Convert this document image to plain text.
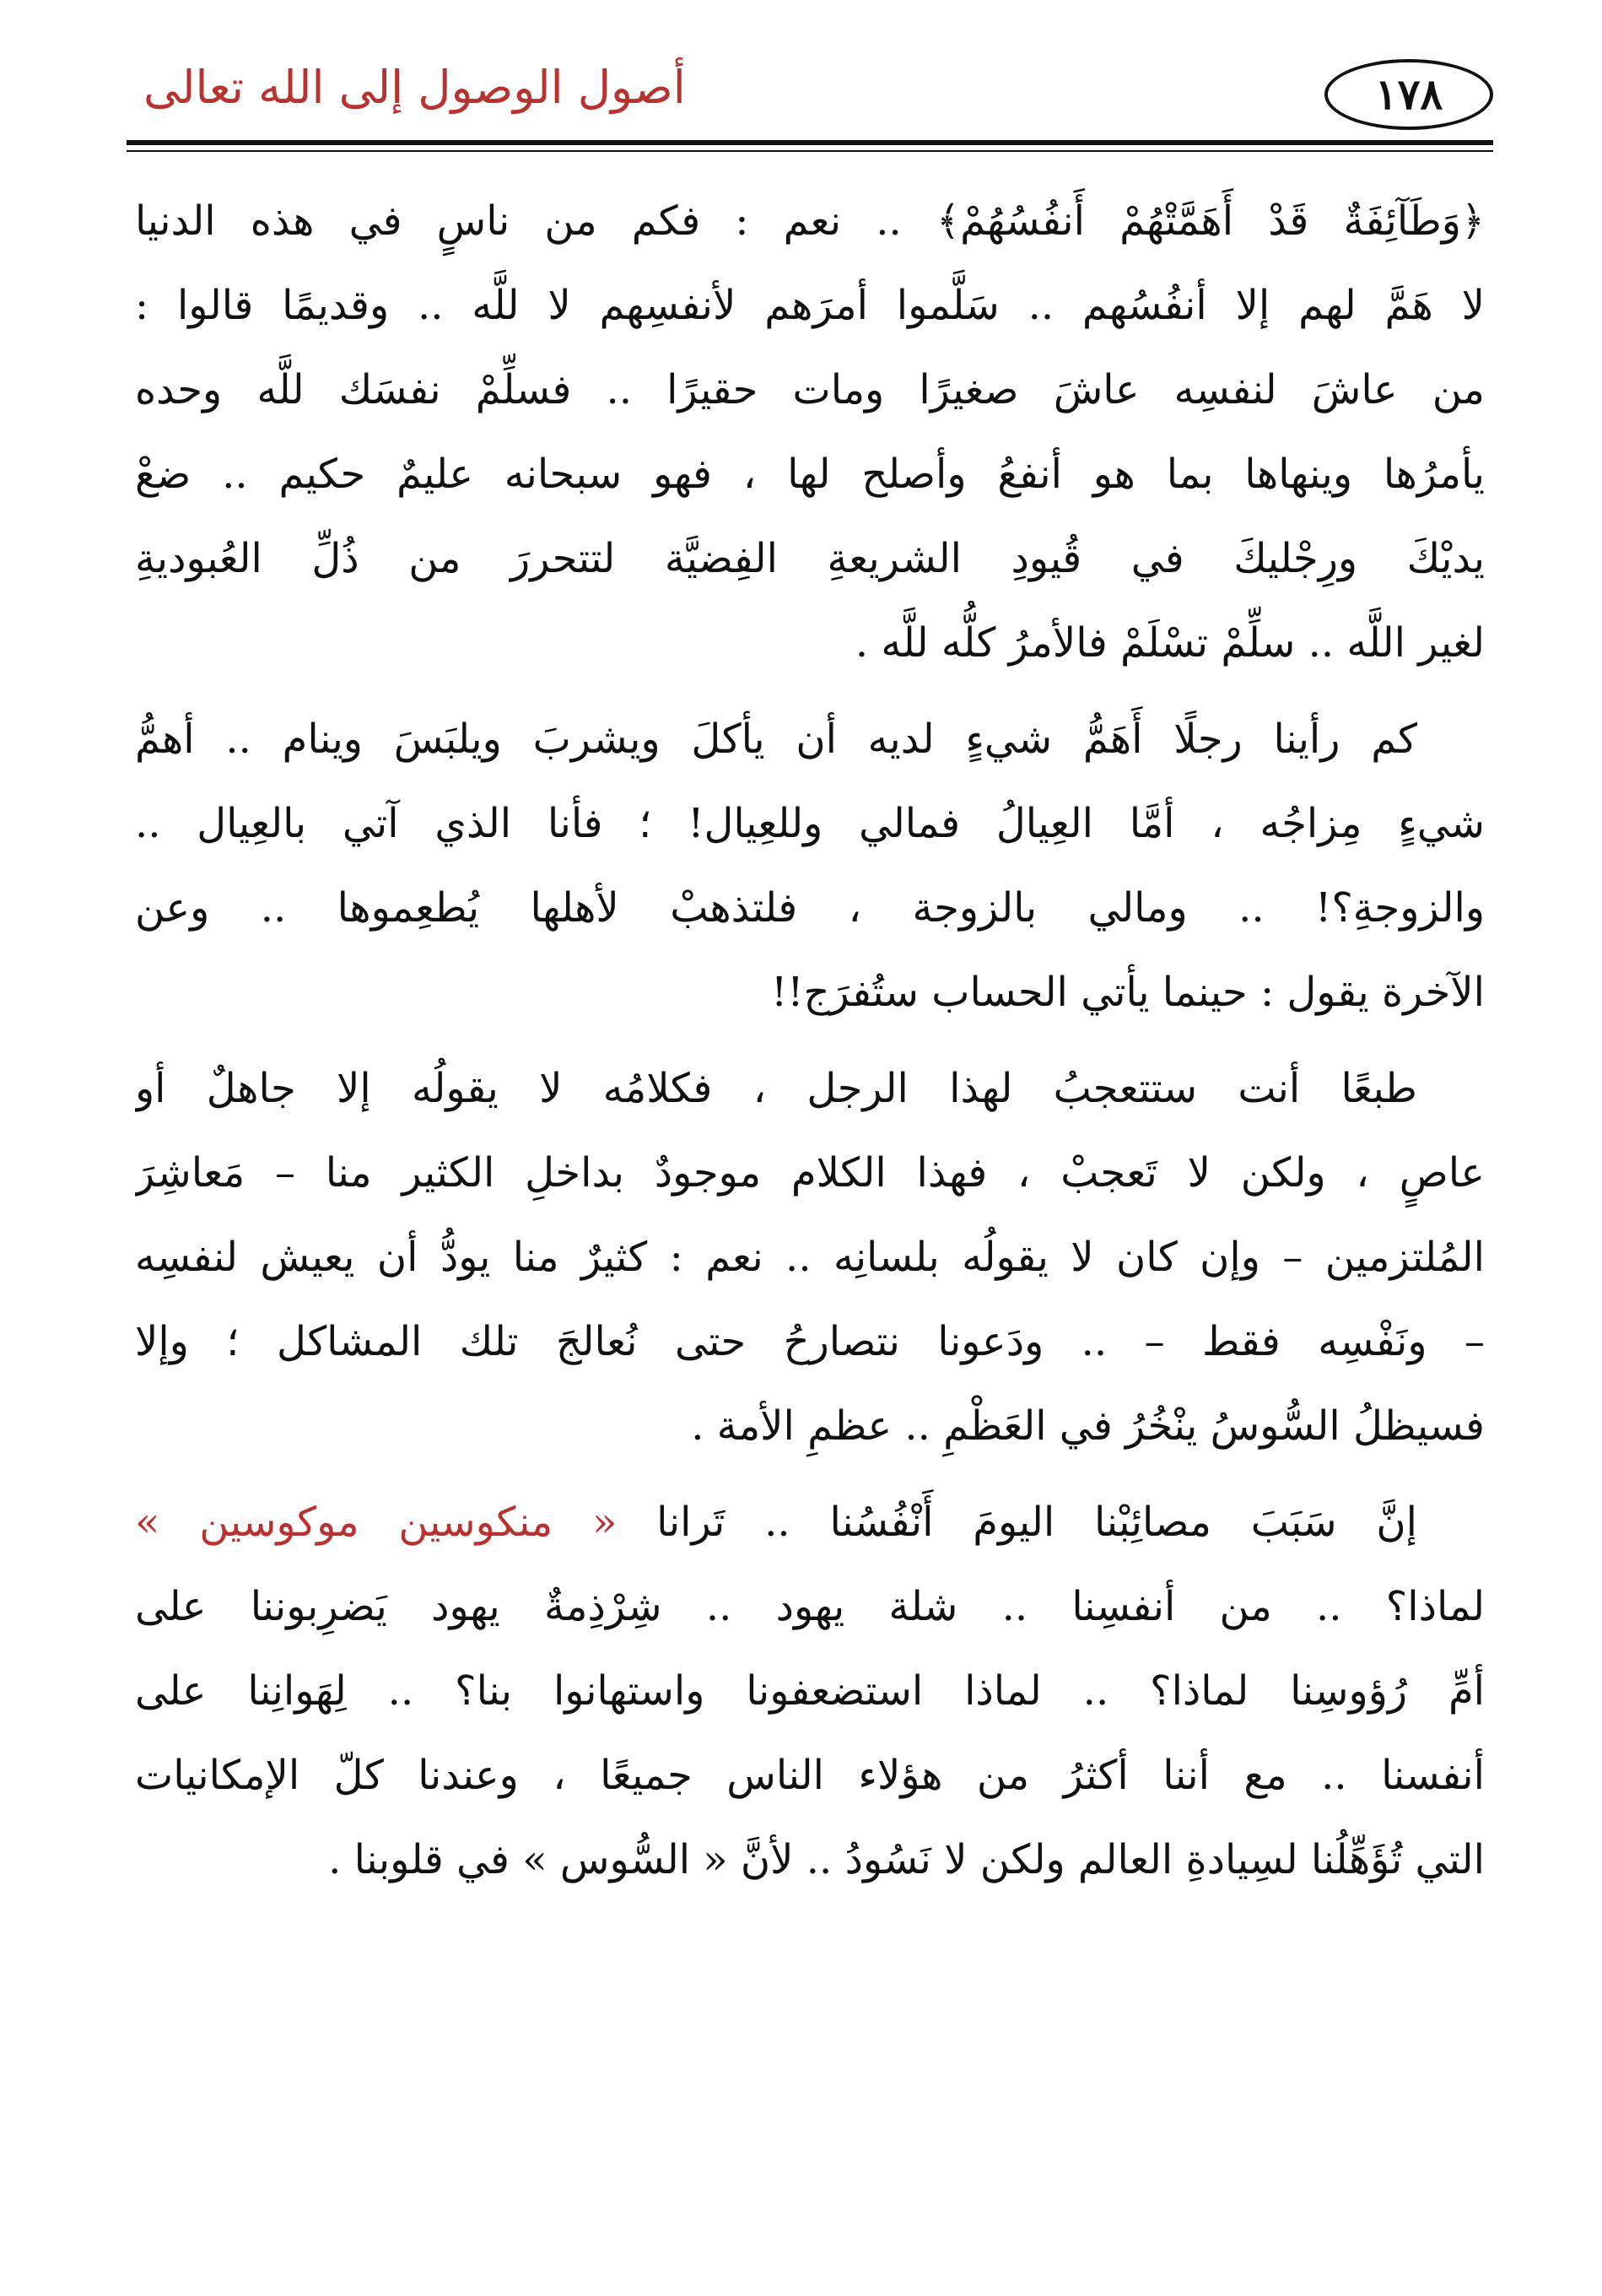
١٧٨
أصول الوصول إلى الله تعالى
﴿وَطَآئِفَةٌ قَدْ أَهَمَّتْهُمْ أَنفُسُهُمْ﴾ .. نعم : فكم من ناسٍ في هذه الدنيا
لا هَمَّ لهم إلا أنفُسُهم .. سَلَّموا أمرَهم لأنفسِهم لا للَّه .. وقديمًا قالوا :
من عاشَ لنفسِه عاشَ صغيرًا ومات حقيرًا .. فسلِّمْ نفسَك للَّه وحده
يأمرُها وينهاها بما هو أنفعُ وأصلح لها ، فهو سبحانه عليمٌ حكيم .. ضعْ
يديْكَ ورِجْليكَ في قُيودِ الشريعةِ الفِضيَّة لتتحررَ من ذُلِّ العُبوديةِ
لغير اللَّه .. سلِّمْ تسْلَمْ فالأمرُ كلُّه للَّه .
كم رأينا رجلًا أَهَمُّ شيءٍ لديه أن يأكلَ ويشربَ ويلبَسَ وينام .. أهمُّ
شيءٍ مِزاجُه ، أمَّا العِيالُ فمالي وللعِيال! ؛ فأنا الذي آتي بالعِيال ..
والزوجةِ؟! .. ومالي بالزوجة ، فلتذهبْ لأهلها يُطعِموها .. وعن
الآخرة يقول : حينما يأتي الحساب ستُفرَج!!
طبعًا أنت ستتعجبُ لهذا الرجل ، فكلامُه لا يقولُه إلا جاهلٌ أو
عاصٍ ، ولكن لا تَعجبْ ، فهذا الكلام موجودٌ بداخلِ الكثير منا – مَعاشِرَ
المُلتزمين – وإن كان لا يقولُه بلسانِه .. نعم : كثيرٌ منا يودُّ أن يعيش لنفسِه
– ونَفْسِه فقط – .. ودَعونا نتصارحُ حتى نُعالجَ تلك المشاكل ؛ وإلا
فسيظلُ السُّوسُ ينْخُرُ في العَظْمِ .. عظمِ الأمة .
إنَّ سَبَبَ مصائِبْنا اليومَ أَنْفُسُنا .. تَرانا « منكوسين موكوسين »
لماذا؟ .. من أنفسِنا .. شلة يهود .. شِرْذِمةٌ يهود يَضرِبوننا على
أمِّ رُؤوسِنا لماذا؟ .. لماذا استضعفونا واستهانوا بنا؟ .. لِهَوانِنا على
أنفسنا .. مع أننا أكثرُ من هؤلاء الناس جميعًا ، وعندنا كلّ الإمكانيات
التي تُؤَهِّلُنا لسِيادةِ العالم ولكن لا نَسُودُ .. لأنَّ « السُّوس » في قلوبنا .
